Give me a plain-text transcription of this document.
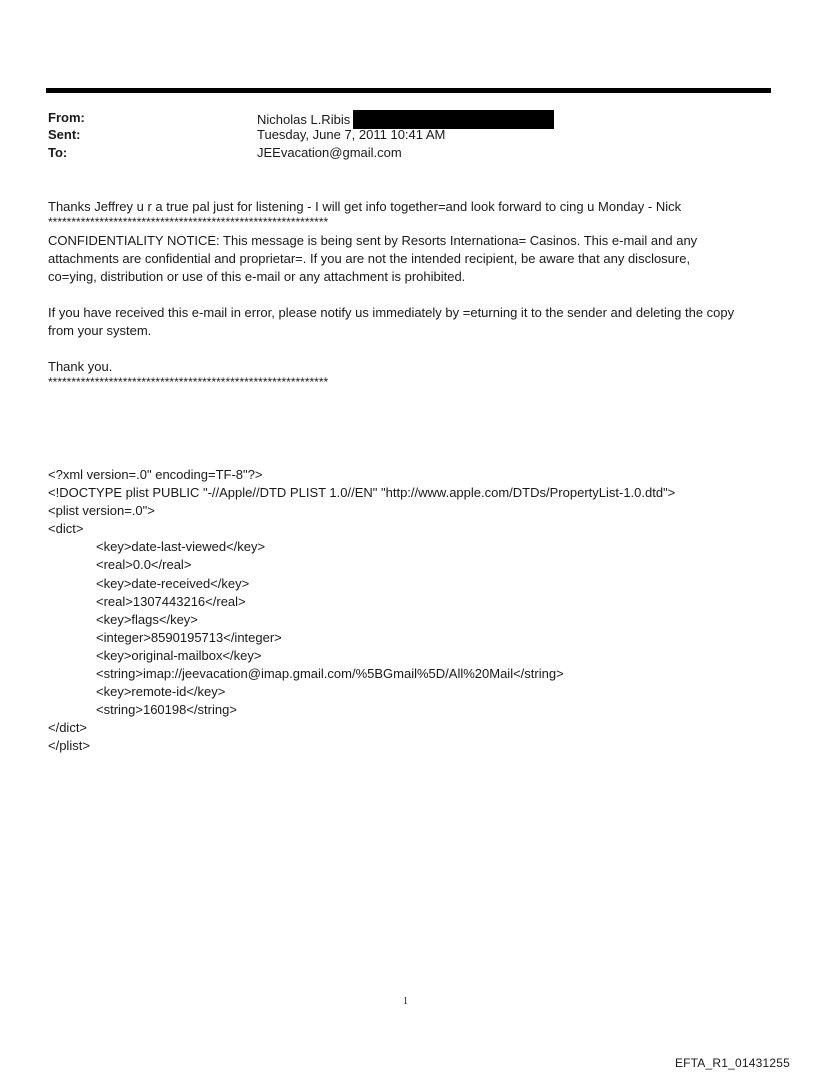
From:	Nicholas L.Ribis
Sent:	Tuesday, June 7, 2011 10:41 AM
To:	JEEvacation@gmail.com

Thanks Jeffrey u r a true pal just for listening - I will get info together=and look forward to cing u Monday - Nick

************************************************************

CONFIDENTIALITY NOTICE: This message is being sent by Resorts Internationa= Casinos. This e-mail and any

attachments are confidential and proprietar=. If you are not the intended recipient, be aware that any disclosure,

co=ying, distribution or use of this e-mail or any attachment is prohibited.

If you have received this e-mail in error, please notify us immediately by =eturning it to the sender and deleting the copy

from your system.

Thank you.

************************************************************

<?xml version=.0" encoding=TF-8"?>
<!DOCTYPE plist PUBLIC "-//Apple//DTD PLIST 1.0//EN" "http://www.apple.com/DTDs/PropertyList-1.0.dtd">
<plist version=.0">
<dict>
<key>date-last-viewed</key>
<real>0.0</real>
<key>date-received</key>
<real>1307443216</real>
<key>flags</key>
<integer>8590195713</integer>
<key>original-mailbox</key>
<string>imap://jeevacation@imap.gmail.com/%5BGmail%5D/All%20Mail</string>
<key>remote-id</key>
<string>160198</string>
</dict>
</plist>
1
EFTA_R1_01431255
